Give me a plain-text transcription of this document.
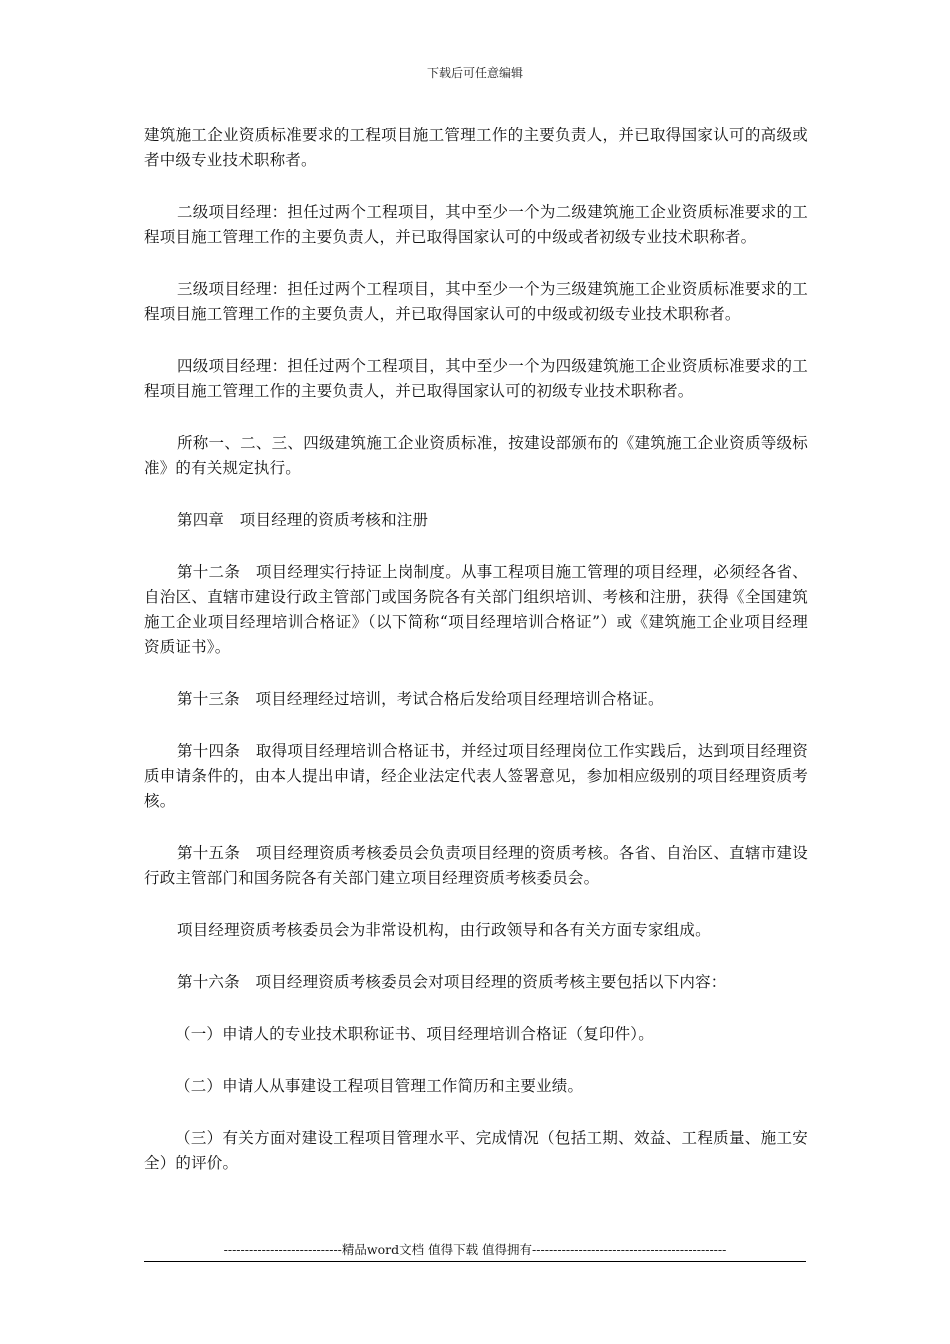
下载后可任意编辑

建筑施工企业资质标准要求的工程项目施工管理工作的主要负责人，并已取得国家认可的高级或者中级专业技术职称者。

二级项目经理：担任过两个工程项目，其中至少一个为二级建筑施工企业资质标准要求的工程项目施工管理工作的主要负责人，并已取得国家认可的中级或者初级专业技术职称者。

三级项目经理：担任过两个工程项目，其中至少一个为三级建筑施工企业资质标准要求的工程项目施工管理工作的主要负责人，并已取得国家认可的中级或初级专业技术职称者。

四级项目经理：担任过两个工程项目，其中至少一个为四级建筑施工企业资质标准要求的工程项目施工管理工作的主要负责人，并已取得国家认可的初级专业技术职称者。

所称一、二、三、四级建筑施工企业资质标准，按建设部颁布的《建筑施工企业资质等级标准》的有关规定执行。

第四章　项目经理的资质考核和注册

第十二条　项目经理实行持证上岗制度。从事工程项目施工管理的项目经理，必须经各省、自治区、直辖市建设行政主管部门或国务院各有关部门组织培训、考核和注册，获得《全国建筑施工企业项目经理培训合格证》（以下简称“项目经理培训合格证”）或《建筑施工企业项目经理资质证书》。

第十三条　项目经理经过培训，考试合格后发给项目经理培训合格证。

第十四条　取得项目经理培训合格证书，并经过项目经理岗位工作实践后，达到项目经理资质申请条件的，由本人提出申请，经企业法定代表人签署意见，参加相应级别的项目经理资质考核。

第十五条　项目经理资质考核委员会负责项目经理的资质考核。各省、自治区、直辖市建设行政主管部门和国务院各有关部门建立项目经理资质考核委员会。

项目经理资质考核委员会为非常设机构，由行政领导和各有关方面专家组成。

第十六条　项目经理资质考核委员会对项目经理的资质考核主要包括以下内容：

（一）申请人的专业技术职称证书、项目经理培训合格证（复印件）。

（二）申请人从事建设工程项目管理工作简历和主要业绩。

（三）有关方面对建设工程项目管理水平、完成情况（包括工期、效益、工程质量、施工安全）的评价。

----------------------------精品word文档 值得下载 值得拥有----------------------------------------------
